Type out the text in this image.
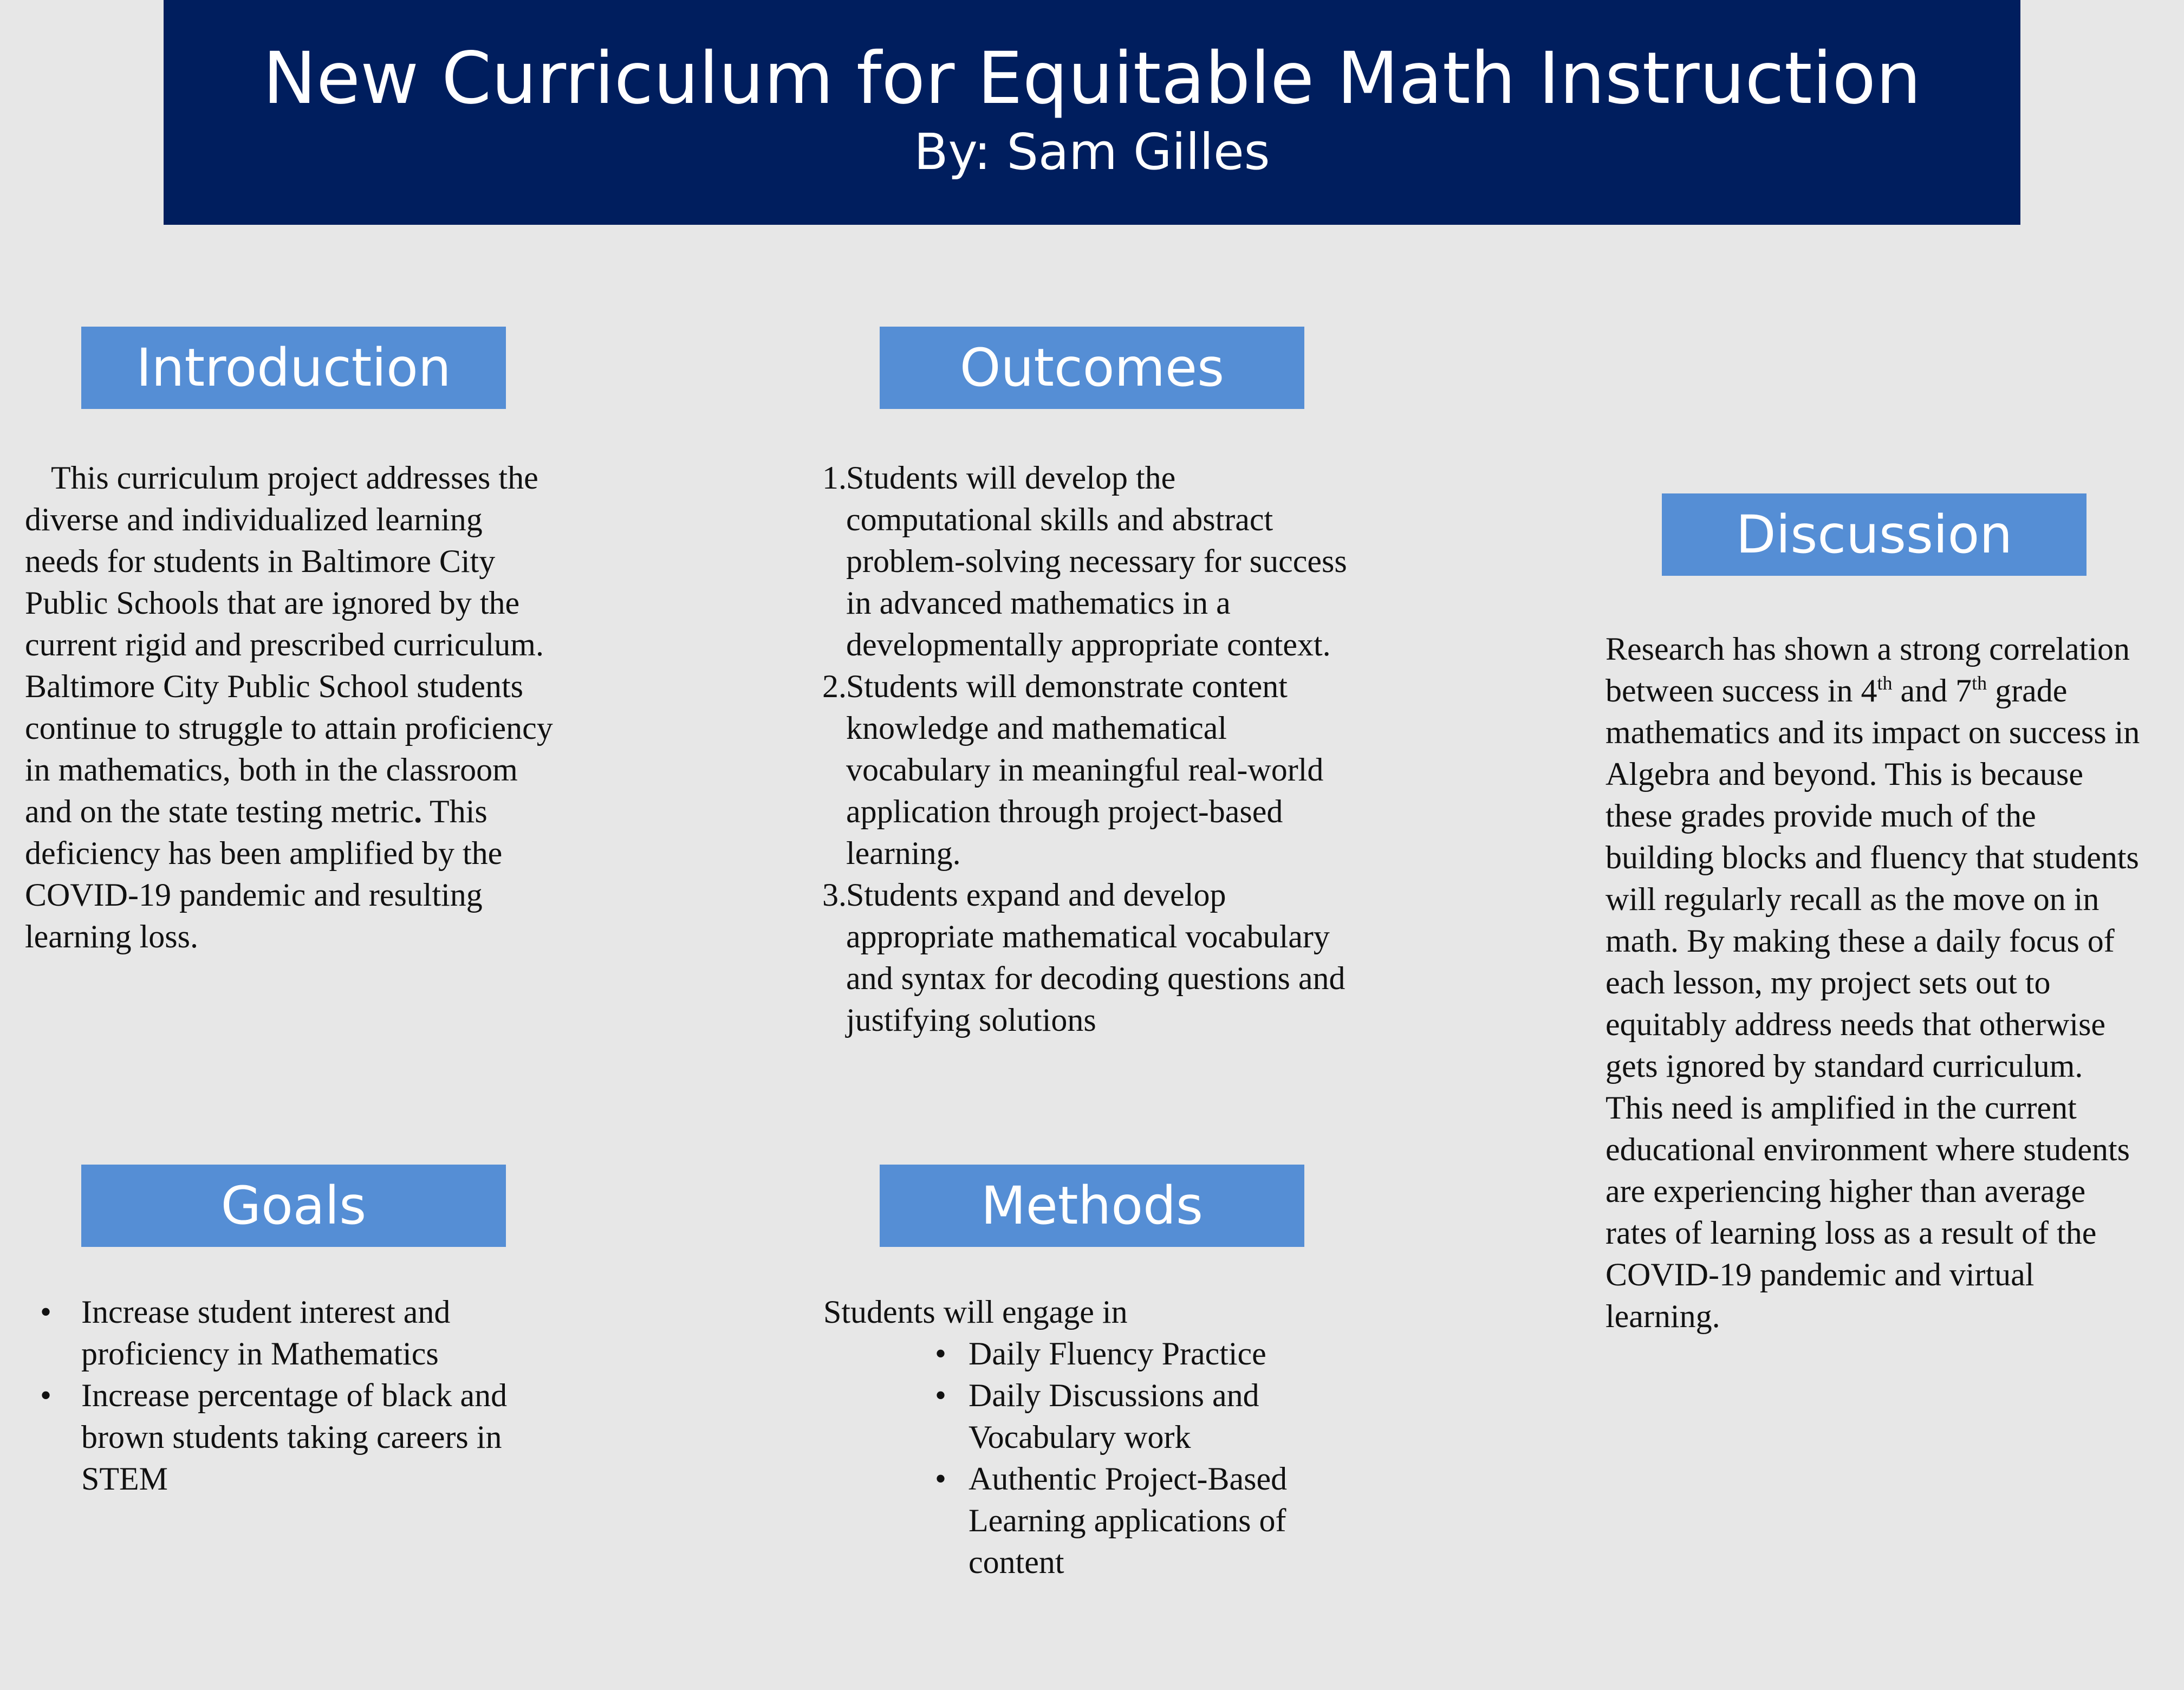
New Curriculum for Equitable Math Instruction
By: Sam Gilles
Introduction

This curriculum project addresses the diverse and individualized learning needs for students in Baltimore City Public Schools that are ignored by the current rigid and prescribed curriculum. Baltimore City Public School students continue to struggle to attain proficiency in mathematics, both in the classroom and on the state testing metric. This deficiency has been amplified by the COVID-19 pandemic and resulting learning loss.

Outcomes
1. Students will develop the computational skills and abstract problem-solving necessary for success in advanced mathematics in a developmentally appropriate context.
2. Students will demonstrate content knowledge and mathematical vocabulary in meaningful real-world application through project-based learning.
3. Students expand and develop appropriate mathematical vocabulary and syntax for decoding questions and justifying solutions
Goals
• Increase student interest and proficiency in Mathematics
• Increase percentage of black and brown students taking careers in STEM
Methods

Students will engage in

• Daily Fluency Practice
• Daily Discussions and Vocabulary work
• Authentic Project-Based Learning applications of content
Discussion

Research has shown a strong correlation between success in 4th and 7th grade mathematics and its impact on success in Algebra and beyond. This is because these grades provide much of the building blocks and fluency that students will regularly recall as the move on in math. By making these a daily focus of each lesson, my project sets out to equitably address needs that otherwise gets ignored by standard curriculum. This need is amplified in the current educational environment where students are experiencing higher than average rates of learning loss as a result of the COVID-19 pandemic and virtual learning.
